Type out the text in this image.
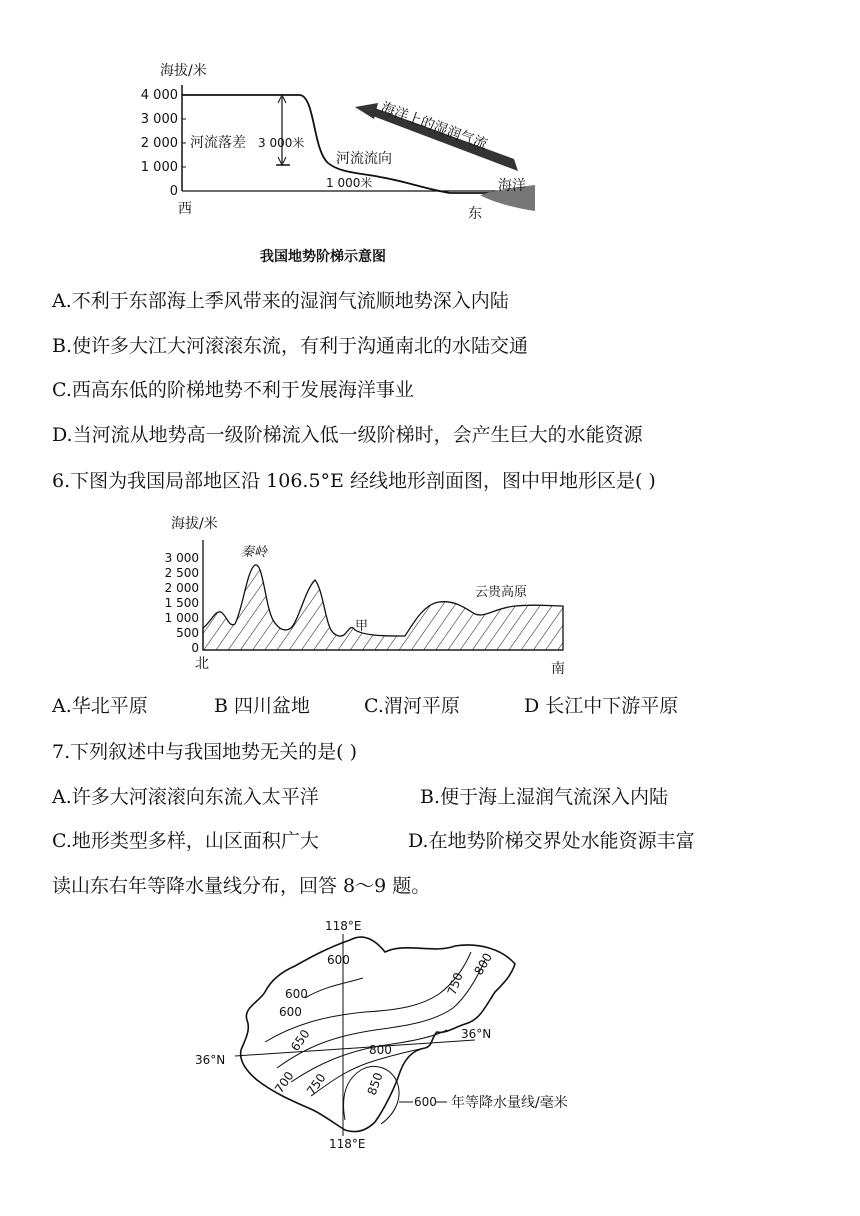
海拔/米
4 000
3 000
2 000
1 000
0
河流落差 3 000米
1 000米
河流流向
海洋上的湿润气流
海洋
西	东
我国地势阶梯示意图
A.不利于东部海上季风带来的湿润气流顺地势深入内陆
B.使许多大江大河滚滚东流，有利于沟通南北的水陆交通
C.西高东低的阶梯地势不利于发展海洋事业
D.当河流从地势高一级阶梯流入低一级阶梯时，会产生巨大的水能资源
6.下图为我国局部地区沿 106.5°E 经线地形剖面图，图中甲地形区是( )
海拔/米
3 000
2 500
2 000
1 500
1 000
500
0
秦岭
甲
云贵高原
北	南
A.华北平原	B 四川盆地	C.渭河平原	D 长江中下游平原
7.下列叙述中与我国地势无关的是( )
A.许多大河滚滚向东流入太平洋	B.便于海上湿润气流深入内陆
C.地形类型多样，山区面积广大	D.在地势阶梯交界处水能资源丰富
读山东右年等降水量线分布，回答 8～9 题。
118°E
118°E
36°N
36°N
600
600
600
650
700 750
750
800
800
850
600 年等降水量线/毫米
